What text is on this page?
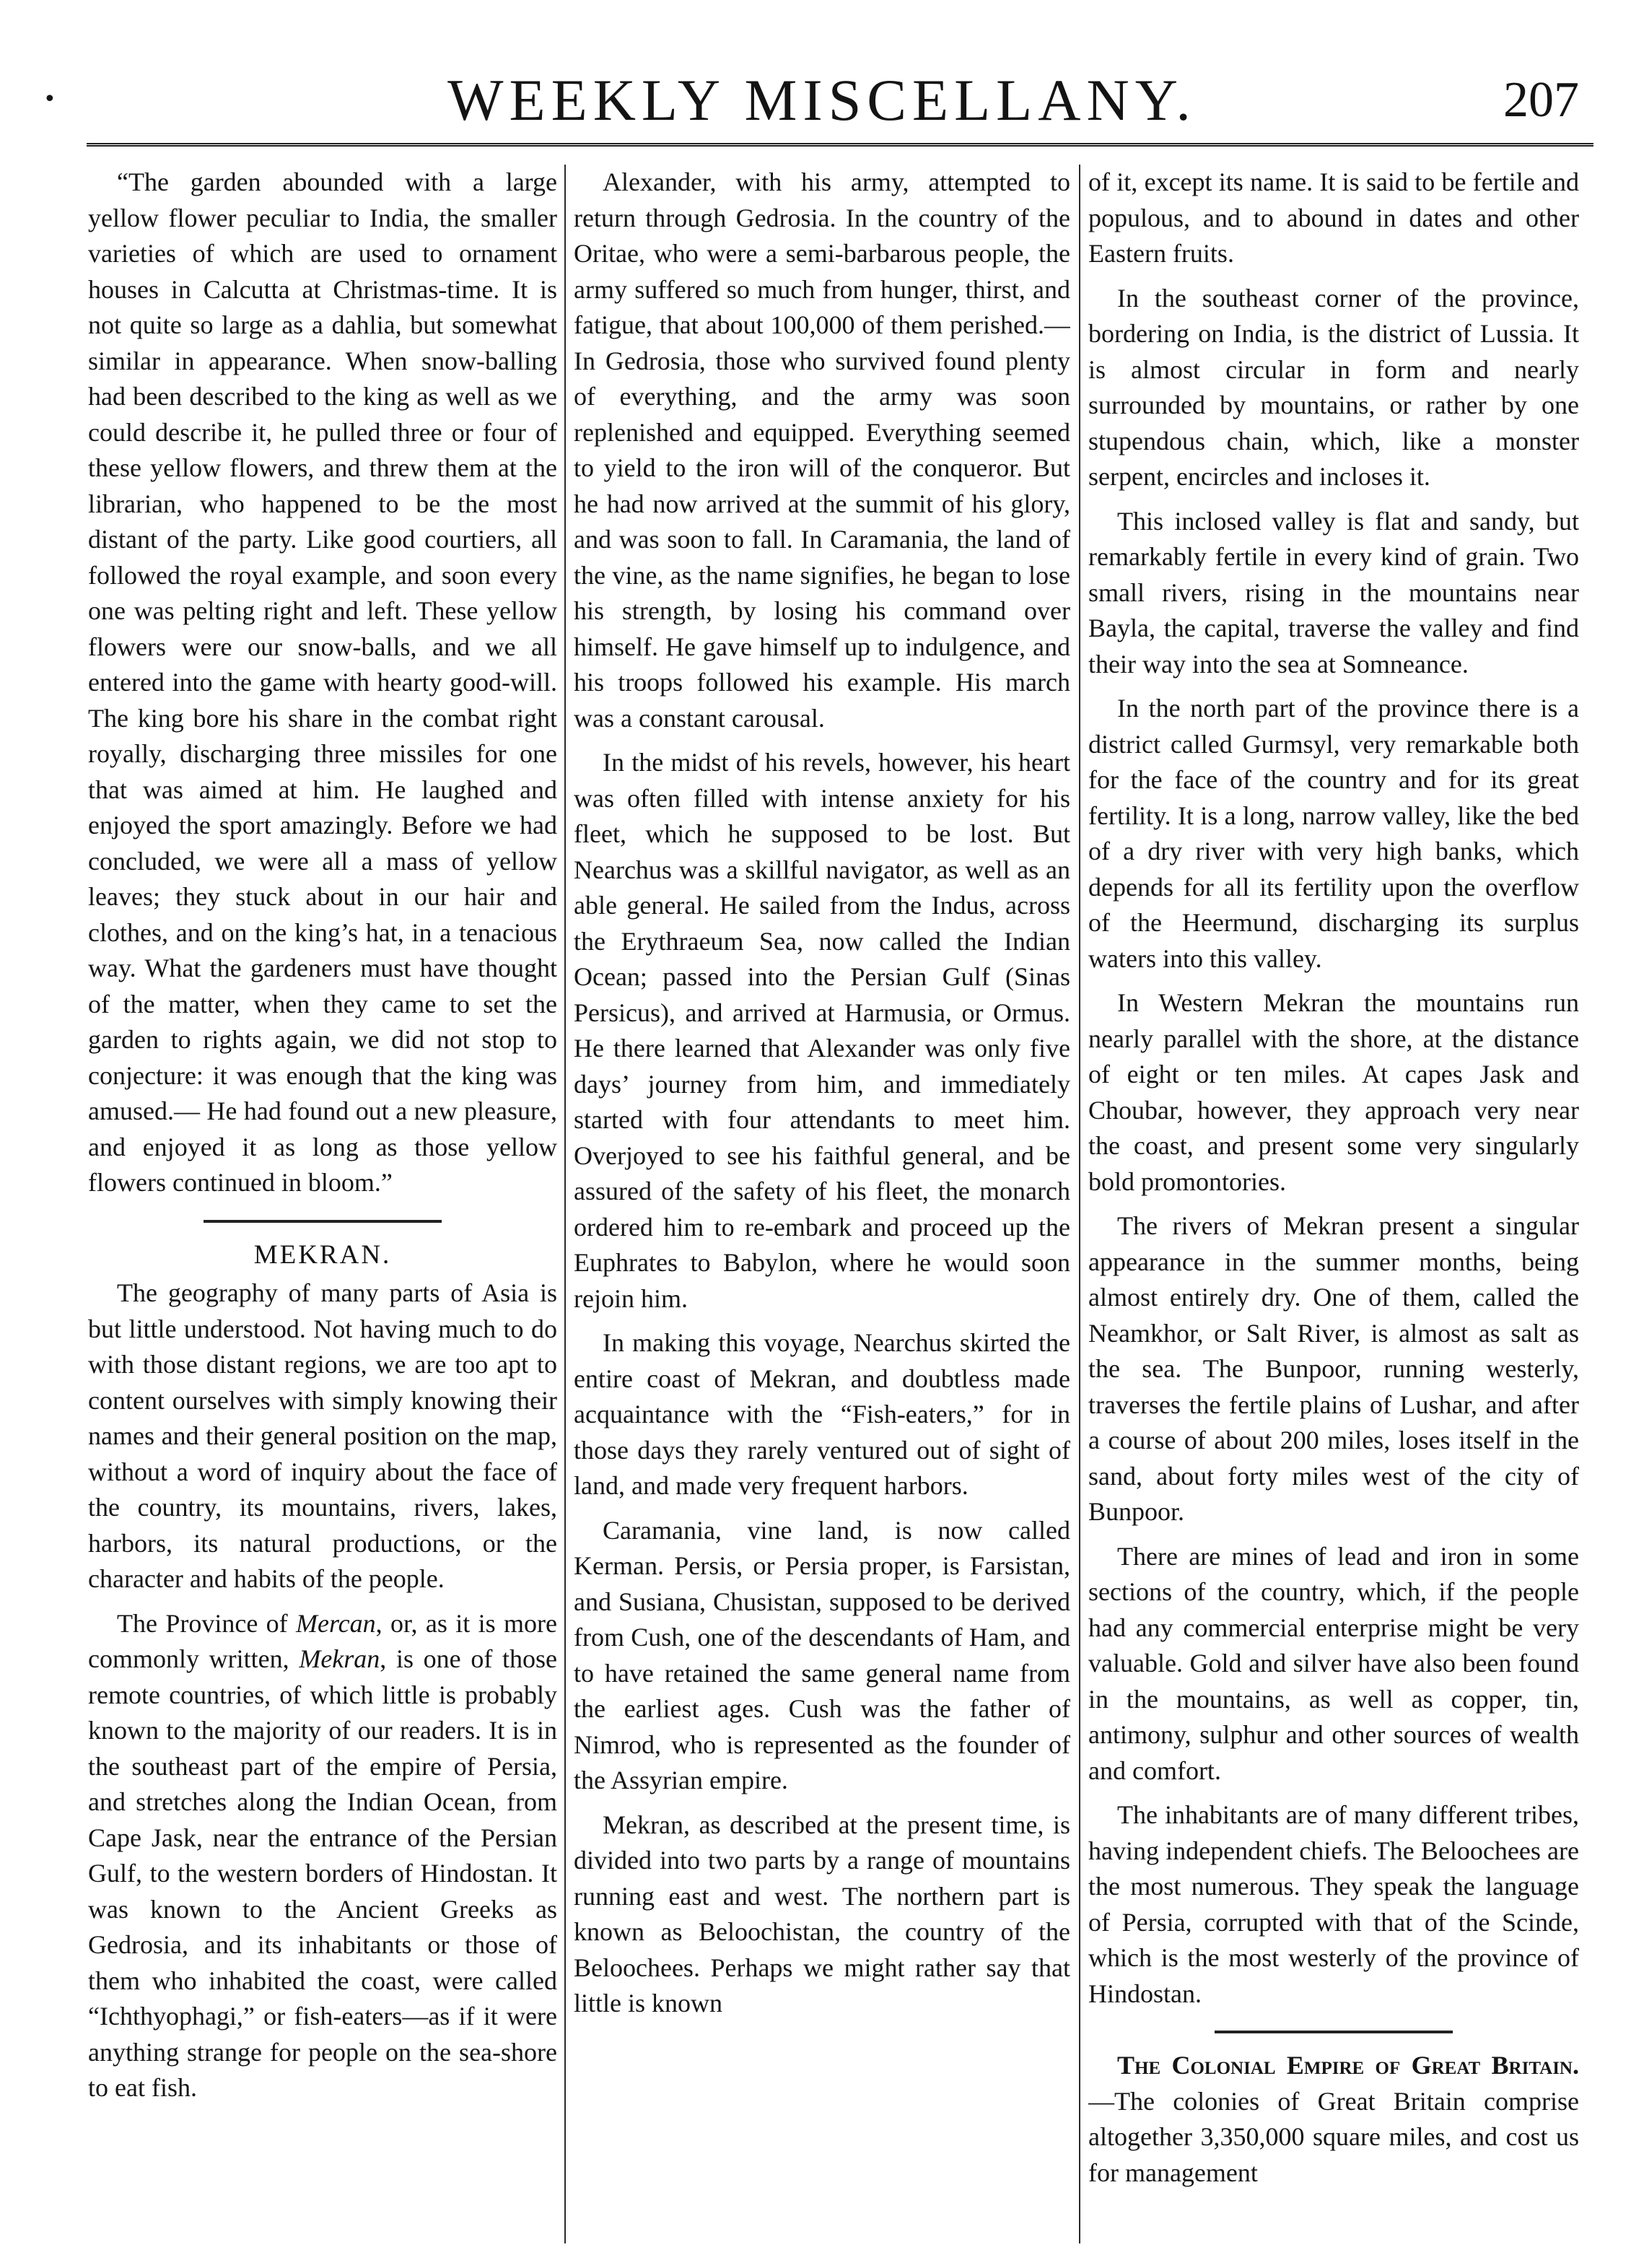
•	WEEKLY MISCELLANY.	207

“The garden abounded with a large yellow flower peculiar to India, the smaller varieties of which are used to ornament houses in Calcutta at Christmas-time. It is not quite so large as a dahlia, but somewhat similar in appearance. When snow-balling had been described to the king as well as we could describe it, he pulled three or four of these yellow flowers, and threw them at the librarian, who happened to be the most distant of the party. Like good courtiers, all followed the royal example, and soon every one was pelting right and left. These yellow flowers were our snow-balls, and we all entered into the game with hearty good-will. The king bore his share in the combat right royally, discharging three missiles for one that was aimed at him. He laughed and enjoyed the sport amazingly. Before we had concluded, we were all a mass of yellow leaves; they stuck about in our hair and clothes, and on the king’s hat, in a tenacious way. What the gardeners must have thought of the matter, when they came to set the garden to rights again, we did not stop to conjecture: it was enough that the king was amused.— He had found out a new pleasure, and enjoyed it as long as those yellow flowers continued in bloom.”

MEKRAN.

The geography of many parts of Asia is but little understood. Not having much to do with those distant regions, we are too apt to content ourselves with simply knowing their names and their general position on the map, without a word of inquiry about the face of the country, its mountains, rivers, lakes, harbors, its natural productions, or the character and habits of the people.

The Province of Mercan, or, as it is more commonly written, Mekran, is one of those remote countries, of which little is probably known to the majority of our readers. It is in the southeast part of the empire of Persia, and stretches along the Indian Ocean, from Cape Jask, near the entrance of the Persian Gulf, to the western borders of Hindostan. It was known to the Ancient Greeks as Gedrosia, and its inhabitants or those of them who inhabited the coast, were called “Ichthyophagi,” or fish-eaters—as if it were anything strange for people on the sea-shore to eat fish.

Alexander, with his army, attempted to return through Gedrosia. In the country of the Oritae, who were a semi-barbarous people, the army suffered so much from hunger, thirst, and fatigue, that about 100,000 of them perished.— In Gedrosia, those who survived found plenty of everything, and the army was soon replenished and equipped. Everything seemed to yield to the iron will of the conqueror. But he had now arrived at the summit of his glory, and was soon to fall. In Caramania, the land of the vine, as the name signifies, he began to lose his strength, by losing his command over himself. He gave himself up to indulgence, and his troops followed his example. His march was a constant carousal.

In the midst of his revels, however, his heart was often filled with intense anxiety for his fleet, which he supposed to be lost. But Nearchus was a skillful navigator, as well as an able general. He sailed from the Indus, across the Erythraeum Sea, now called the Indian Ocean; passed into the Persian Gulf (Sinas Persicus), and arrived at Harmusia, or Ormus. He there learned that Alexander was only five days’ journey from him, and immediately started with four attendants to meet him. Overjoyed to see his faithful general, and be assured of the safety of his fleet, the monarch ordered him to re-embark and proceed up the Euphrates to Babylon, where he would soon rejoin him.

In making this voyage, Nearchus skirted the entire coast of Mekran, and doubtless made acquaintance with the “Fish-eaters,” for in those days they rarely ventured out of sight of land, and made very frequent harbors.

Caramania, vine land, is now called Kerman. Persis, or Persia proper, is Farsistan, and Susiana, Chusistan, supposed to be derived from Cush, one of the descendants of Ham, and to have retained the same general name from the earliest ages. Cush was the father of Nimrod, who is represented as the founder of the Assyrian empire.

Mekran, as described at the present time, is divided into two parts by a range of mountains running east and west. The northern part is known as Beloochistan, the country of the Beloochees. Perhaps we might rather say that little is known

of it, except its name. It is said to be fertile and populous, and to abound in dates and other Eastern fruits.

In the southeast corner of the province, bordering on India, is the district of Lussia. It is almost circular in form and nearly surrounded by mountains, or rather by one stupendous chain, which, like a monster serpent, encircles and incloses it.

This inclosed valley is flat and sandy, but remarkably fertile in every kind of grain. Two small rivers, rising in the mountains near Bayla, the capital, traverse the valley and find their way into the sea at Somneance.

In the north part of the province there is a district called Gurmsyl, very remarkable both for the face of the country and for its great fertility. It is a long, narrow valley, like the bed of a dry river with very high banks, which depends for all its fertility upon the overflow of the Heermund, discharging its surplus waters into this valley.

In Western Mekran the mountains run nearly parallel with the shore, at the distance of eight or ten miles. At capes Jask and Choubar, however, they approach very near the coast, and present some very singularly bold promontories.

The rivers of Mekran present a singular appearance in the summer months, being almost entirely dry. One of them, called the Neamkhor, or Salt River, is almost as salt as the sea. The Bunpoor, running westerly, traverses the fertile plains of Lushar, and after a course of about 200 miles, loses itself in the sand, about forty miles west of the city of Bunpoor.

There are mines of lead and iron in some sections of the country, which, if the people had any commercial enterprise might be very valuable. Gold and silver have also been found in the mountains, as well as copper, tin, antimony, sulphur and other sources of wealth and comfort.

The inhabitants are of many different tribes, having independent chiefs. The Beloochees are the most numerous. They speak the language of Persia, corrupted with that of the Scinde, which is the most westerly of the province of Hindostan.

The Colonial Empire of Great Britain.—The colonies of Great Britain comprise altogether 3,350,000 square miles, and cost us for management
